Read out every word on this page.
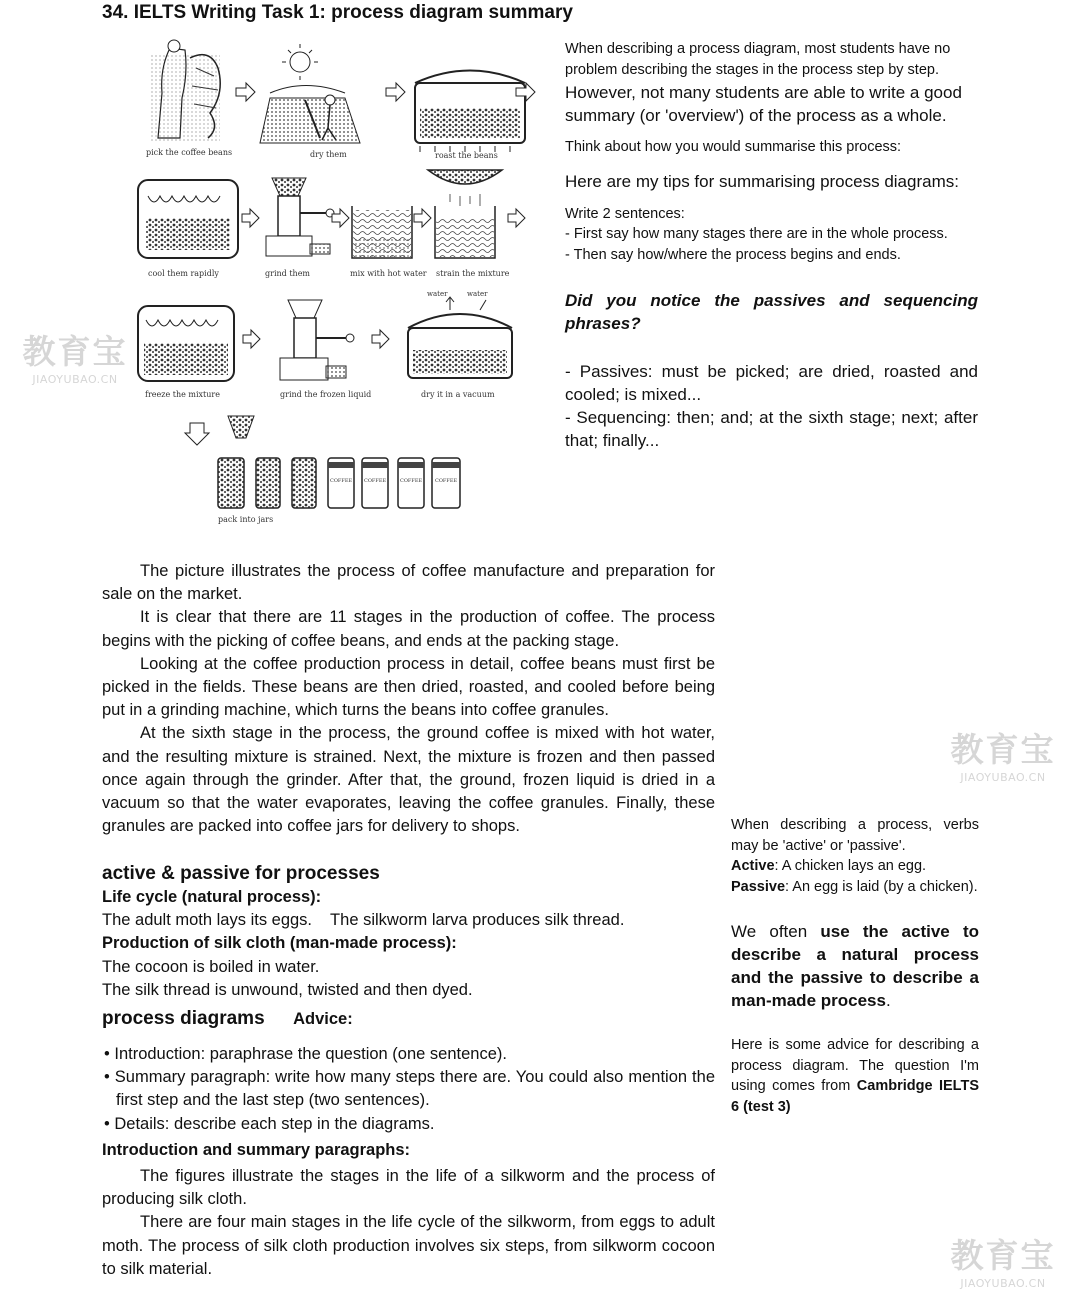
34. IELTS Writing Task 1: process diagram summary
When describing a process diagram, most students have no problem describing the stages in the process step by step.
However, not many students are able to write a good summary (or 'overview') of the process as a whole.
Think about how you would summarise this process:
Here are my tips for summarising process diagrams:
Write 2 sentences:
- First say how many stages there are in the whole process.
- Then say how/where the process begins and ends.
Did you notice the passives and sequencing phrases?
- Passives: must be picked; are dried, roasted and cooled; is mixed...
- Sequencing: then; and; at the sixth stage; next; after that; finally...
pick the coffee beans	dry them	roast the beans
cool them rapidly	grind them	mix with hot water strain the mixture
freeze the mixture	grind the frozen liquid	dry it in a vacuum
pack into jars
water	water
COFFEE COFFEE	COFFEE	COFFEE

The picture illustrates the process of coffee manufacture and preparation for sale on the market.

It is clear that there are 11 stages in the production of coffee. The process begins with the picking of coffee beans, and ends at the packing stage.

Looking at the coffee production process in detail, coffee beans must first be picked in the fields. These beans are then dried, roasted, and cooled before being put in a grinding machine, which turns the beans into coffee granules.

At the sixth stage in the process, the ground coffee is mixed with hot water, and the resulting mixture is strained. Next, the mixture is frozen and then passed once again through the grinder. After that, the ground, frozen liquid is dried in a vacuum so that the water evaporates, leaving the coffee granules. Finally, these granules are packed into coffee jars for delivery to shops.

active & passive for processes
Life cycle (natural process):
The adult moth lays its eggs.    The silkworm larva produces silk thread.
Production of silk cloth (man-made process):
The cocoon is boiled in water.
The silk thread is unwound, twisted and then dyed.
process diagrams Advice:
• Introduction: paraphrase the question (one sentence).
• Summary paragraph: write how many steps there are. You could also mention the first step and the last step (two sentences).
• Details: describe each step in the diagrams.
Introduction and summary paragraphs:

The figures illustrate the stages in the life of a silkworm and the process of producing silk cloth.

There are four main stages in the life cycle of the silkworm, from eggs to adult moth. The process of silk cloth production involves six steps, from silkworm cocoon to silk material.

When describing a process, verbs may be 'active' or 'passive'.

Active: A chicken lays an egg.

Passive: An egg is laid (by a chicken).

We often use the active to describe a natural process and the passive to describe a man-made process.

Here is some advice for describing a process diagram. The question I'm using comes from Cambridge IELTS 6 (test 3)

教育宝
JIAOYUBAO.CN
教育宝
JIAOYUBAO.CN
教育宝
JIAOYUBAO.CN
